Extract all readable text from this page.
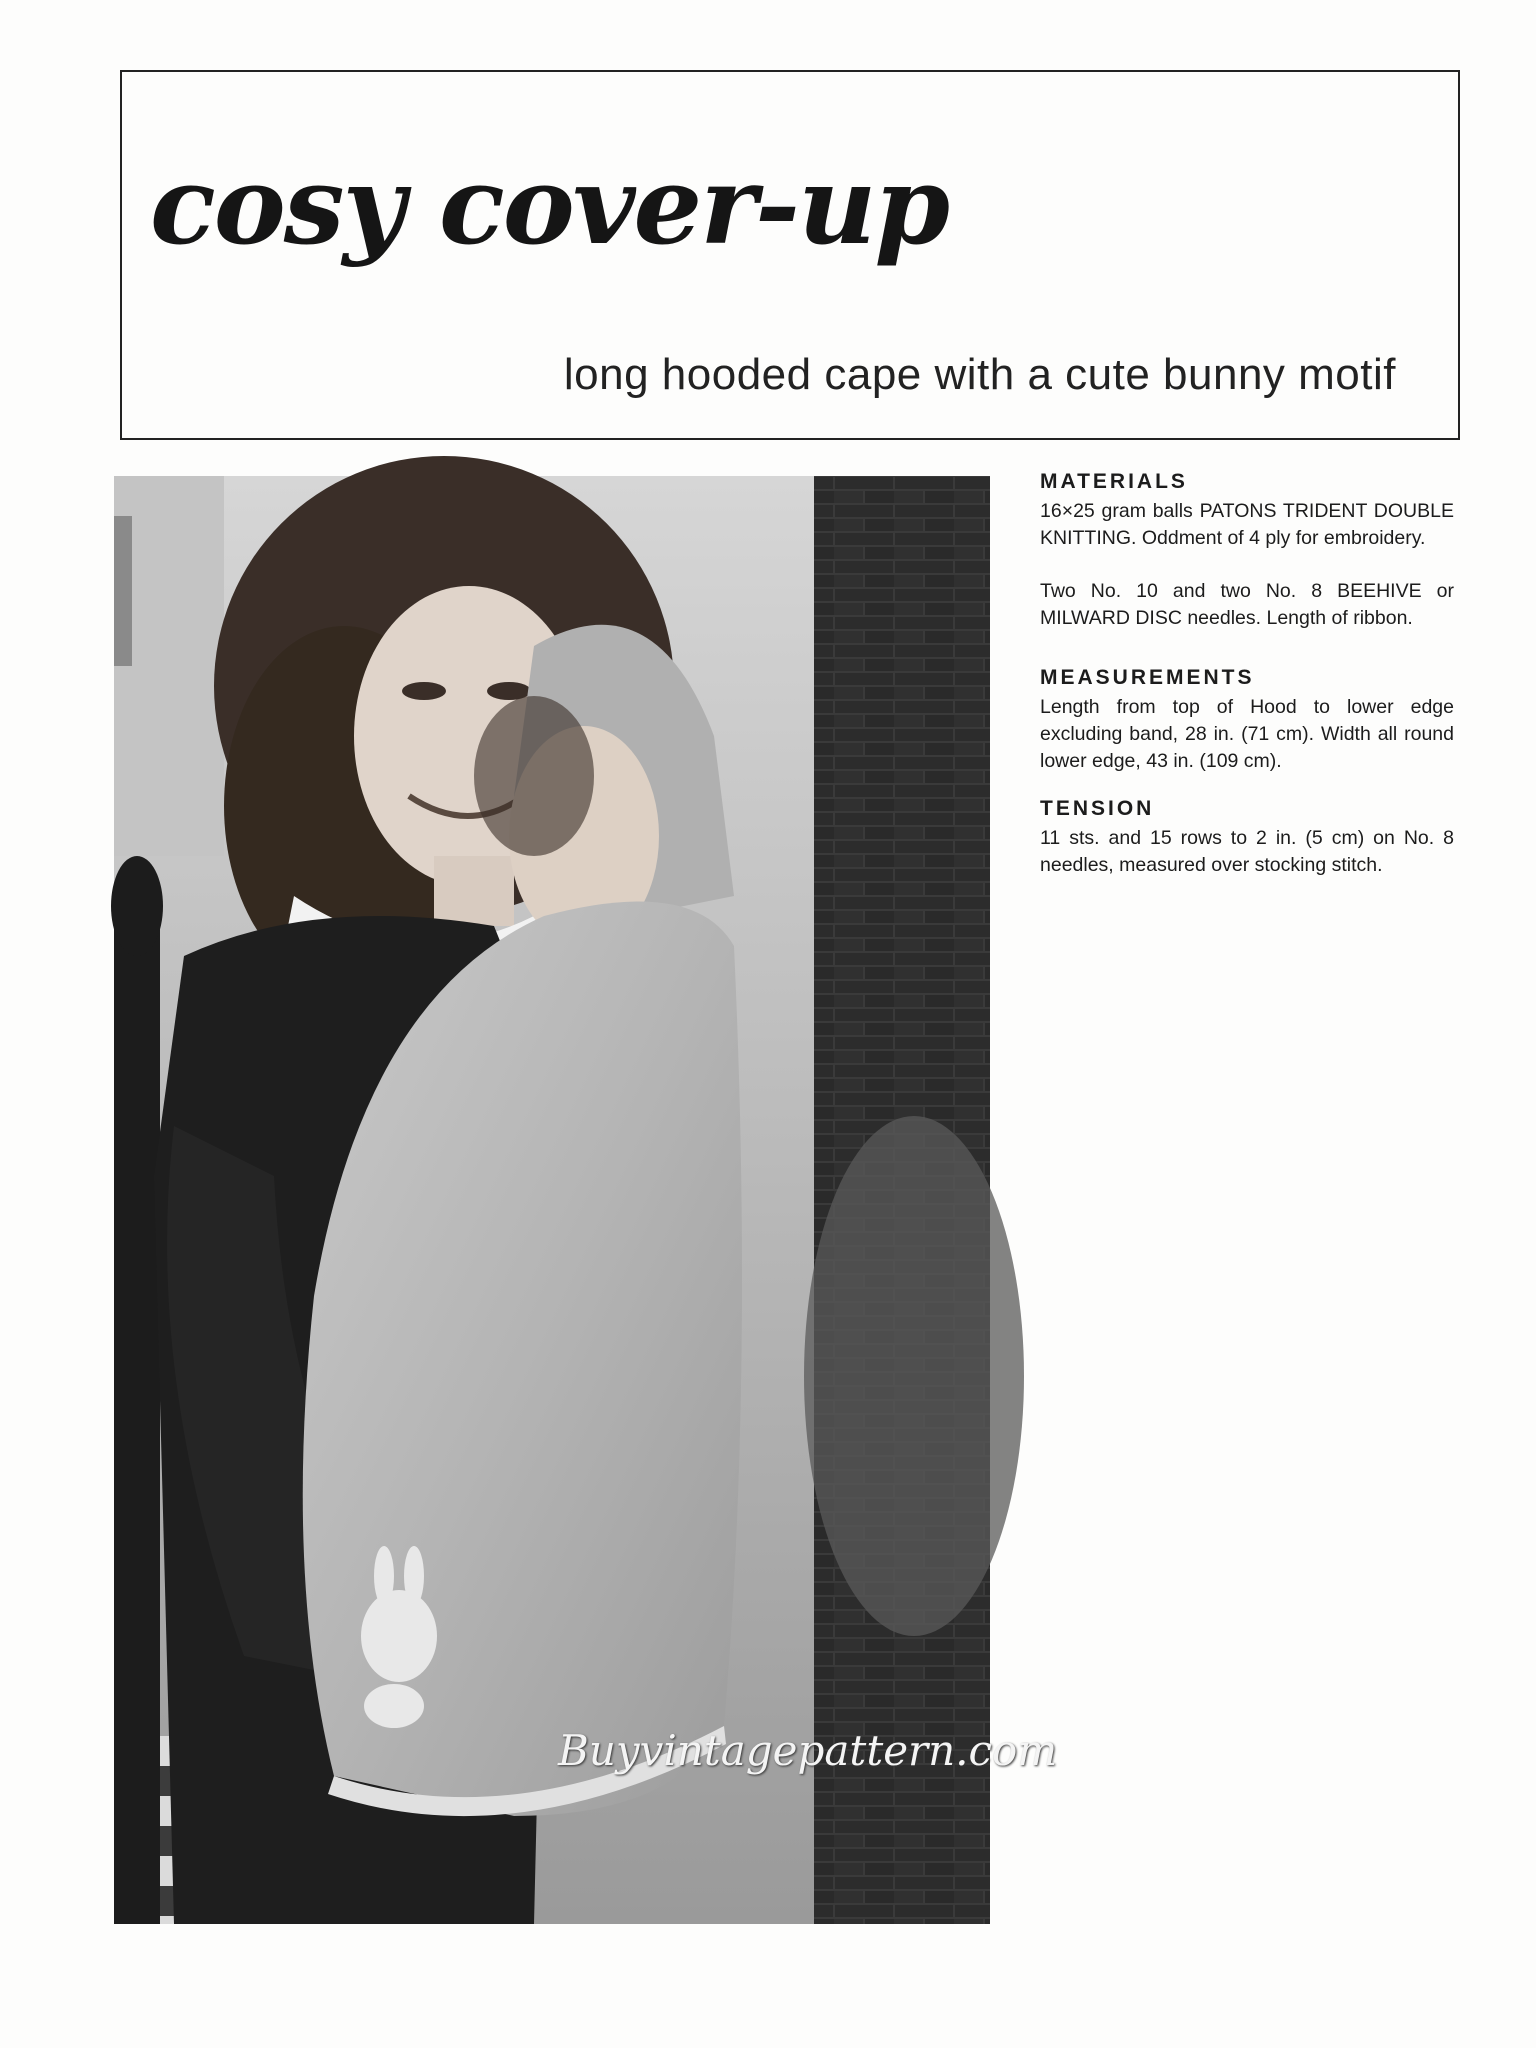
cosy cover-up

long hooded cape with a cute bunny motif

Buyvintagepattern.com
MATERIALS

16×25 gram balls PATONS TRIDENT DOUBLE KNITTING. Oddment of 4 ply for embroidery.

Two No. 10 and two No. 8 BEEHIVE or MILWARD DISC needles. Length of ribbon.

MEASUREMENTS

Length from top of Hood to lower edge excluding band, 28 in. (71 cm). Width all round lower edge, 43 in. (109 cm).

TENSION

11 sts. and 15 rows to 2 in. (5 cm) on No. 8 needles, measured over stocking stitch.
